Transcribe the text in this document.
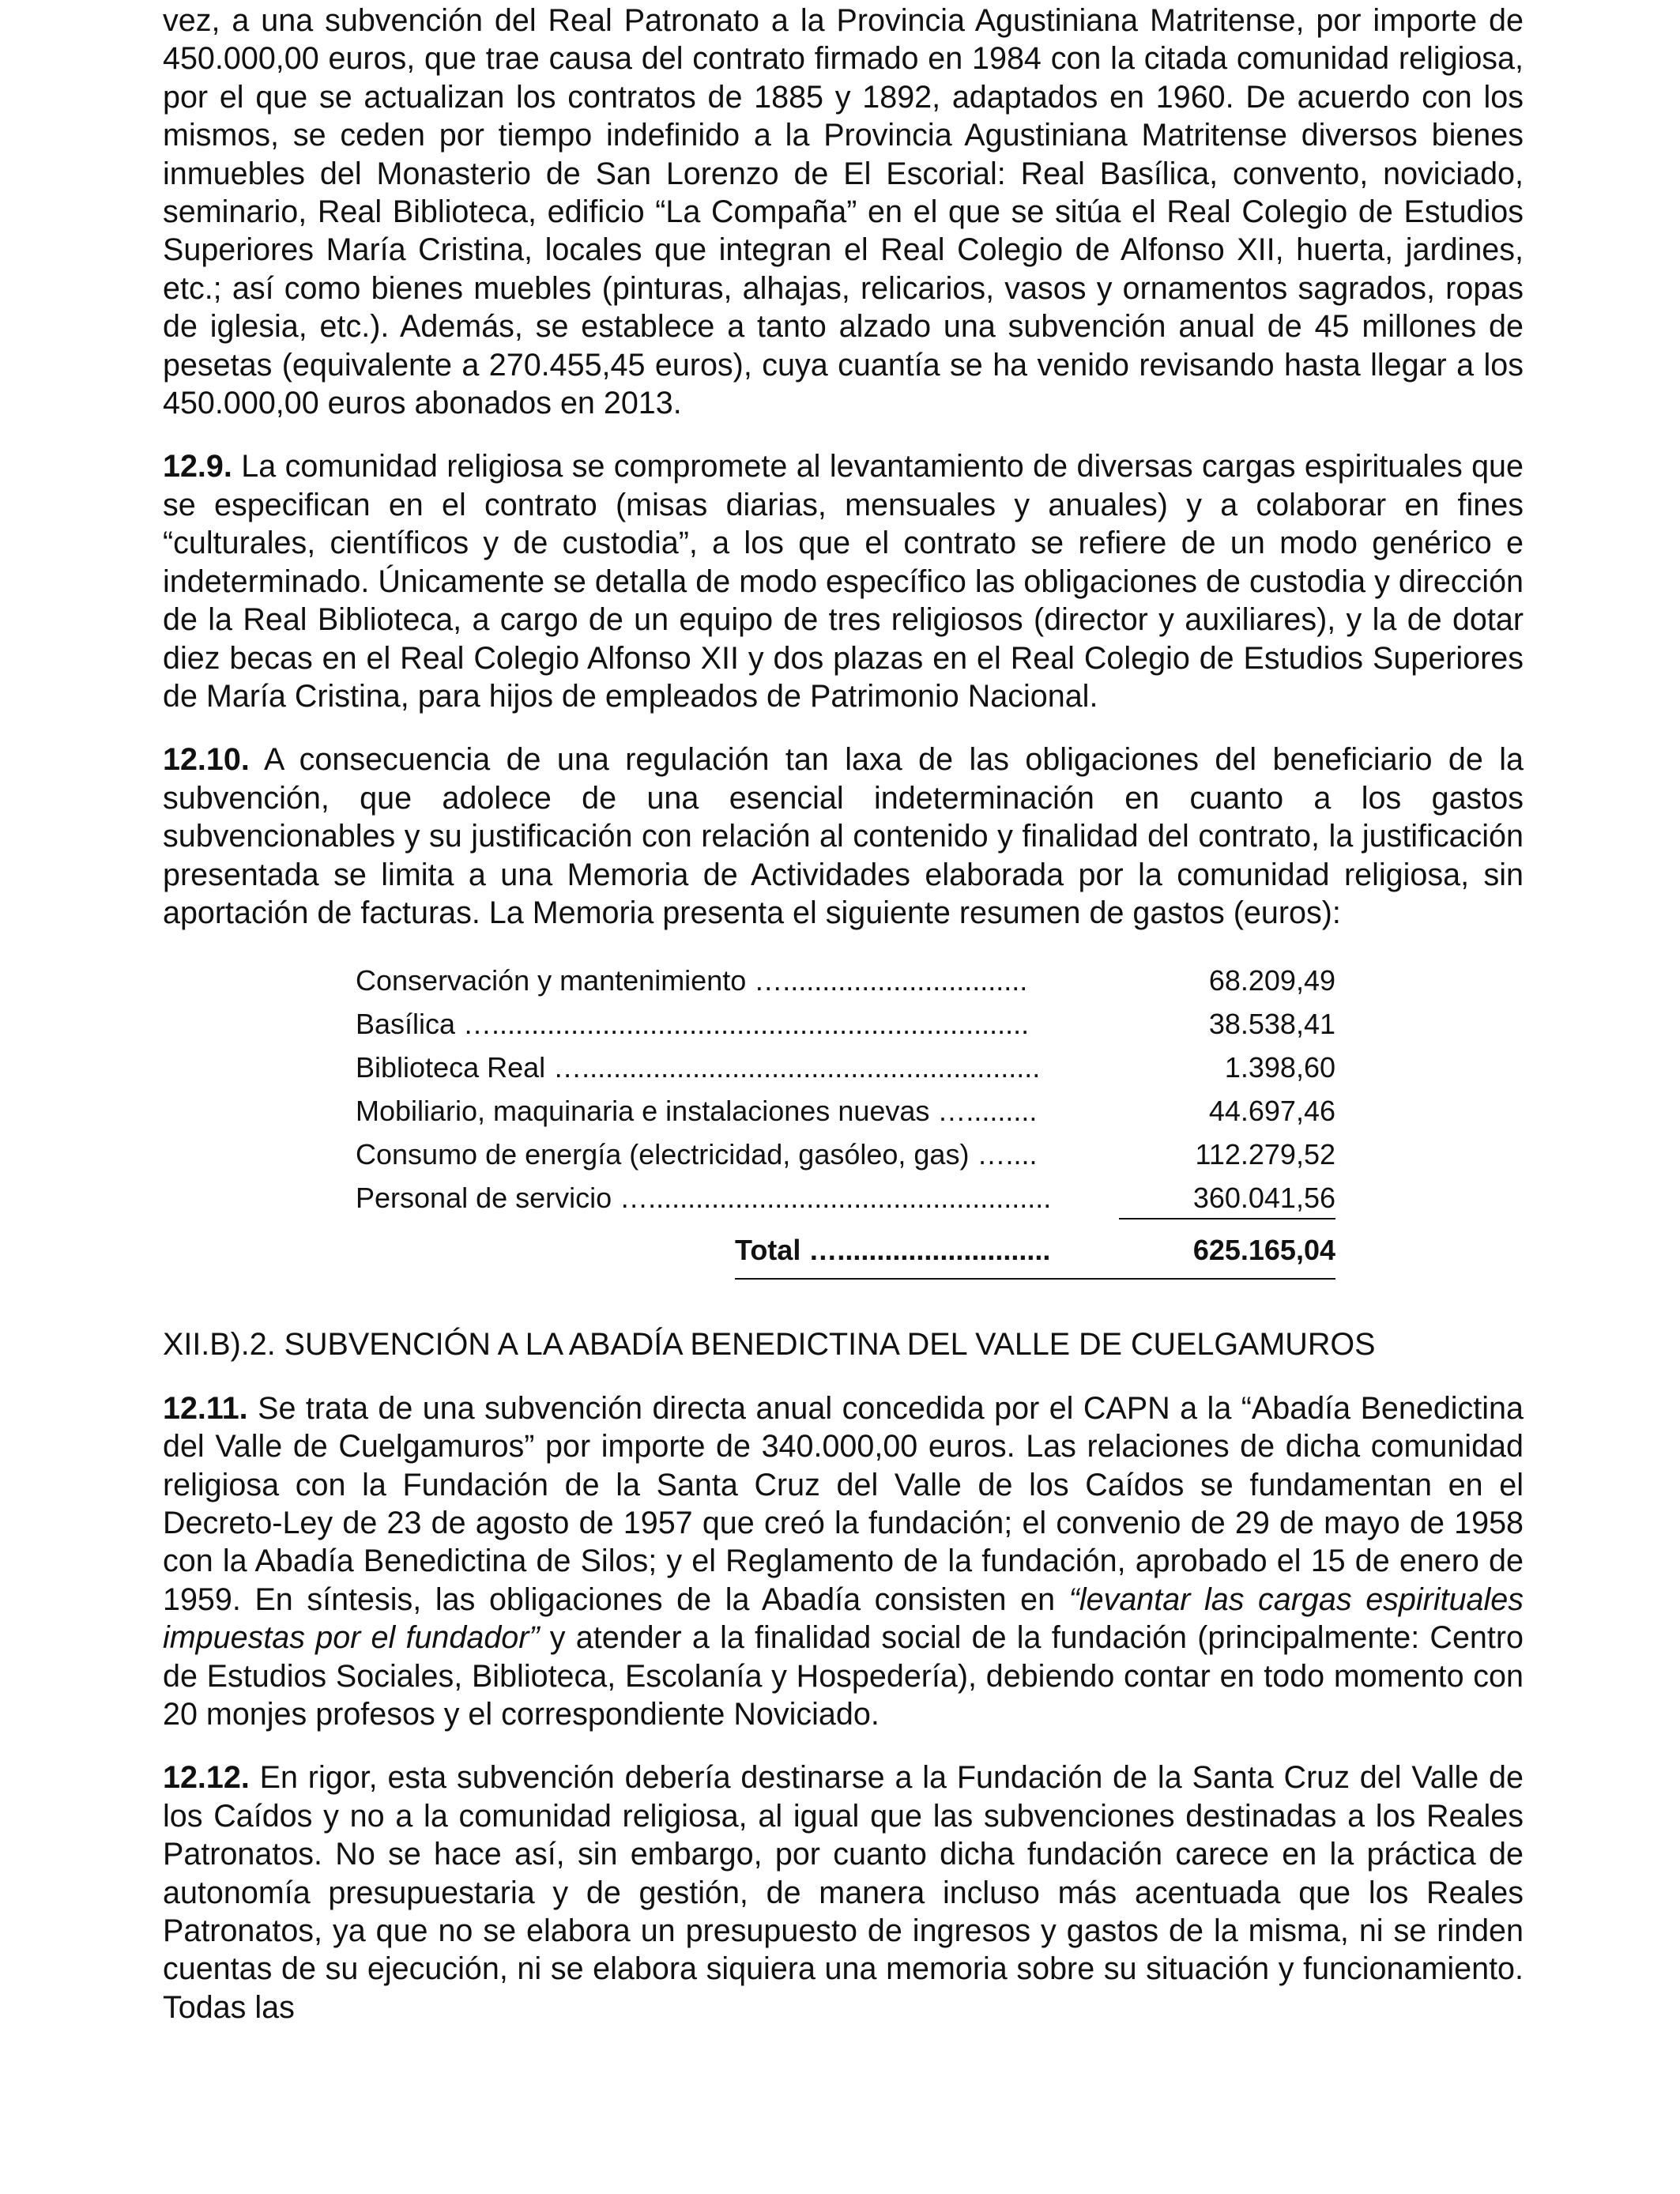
vez, a una subvención del Real Patronato a la Provincia Agustiniana Matritense, por importe de 450.000,00 euros, que trae causa del contrato firmado en 1984 con la citada comunidad religiosa, por el que se actualizan los contratos de 1885 y 1892, adaptados en 1960. De acuerdo con los mismos, se ceden por tiempo indefinido a la Provincia Agustiniana Matritense diversos bienes inmuebles del Monasterio de San Lorenzo de El Escorial: Real Basílica, convento, noviciado, seminario, Real Biblioteca, edificio “La Compaña” en el que se sitúa el Real Colegio de Estudios Superiores María Cristina, locales que integran el Real Colegio de Alfonso XII, huerta, jardines, etc.; así como bienes muebles (pinturas, alhajas, relicarios, vasos y ornamentos sagrados, ropas de iglesia, etc.). Además, se establece a tanto alzado una subvención anual de 45 millones de pesetas (equivalente a 270.455,45 euros), cuya cuantía se ha venido revisando hasta llegar a los 450.000,00 euros abonados en 2013.

12.9. La comunidad religiosa se compromete al levantamiento de diversas cargas espirituales que se especifican en el contrato (misas diarias, mensuales y anuales) y a colaborar en fines “culturales, científicos y de custodia”, a los que el contrato se refiere de un modo genérico e indeterminado. Únicamente se detalla de modo específico las obligaciones de custodia y dirección de la Real Biblioteca, a cargo de un equipo de tres religiosos (director y auxiliares), y la de dotar diez becas en el Real Colegio Alfonso XII y dos plazas en el Real Colegio de Estudios Superiores de María Cristina, para hijos de empleados de Patrimonio Nacional.

12.10. A consecuencia de una regulación tan laxa de las obligaciones del beneficiario de la subvención, que adolece de una esencial indeterminación en cuanto a los gastos subvencionables y su justificación con relación al contenido y finalidad del contrato, la justificación presentada se limita a una Memoria de Actividades elaborada por la comunidad religiosa, sin aportación de facturas. La Memoria presenta el siguiente resumen de gastos (euros):

Conservación y mantenimiento …...............................	68.209,49
Basílica …....................................................................	38.538,41
Biblioteca Real …..........................................................	1.398,60
Mobiliario, maquinaria e instalaciones nuevas ….........	44.697,46
Consumo de energía (electricidad, gasóleo, gas) …....	112.279,52
Personal de servicio …...................................................	360.041,56
Total …...........................	625.165,04

XII.B).2. SUBVENCIÓN A LA ABADÍA BENEDICTINA DEL VALLE DE CUELGAMUROS

12.11. Se trata de una subvención directa anual concedida por el CAPN a la “Abadía Benedictina del Valle de Cuelgamuros” por importe de 340.000,00 euros. Las relaciones de dicha comunidad religiosa con la Fundación de la Santa Cruz del Valle de los Caídos se fundamentan en el Decreto-Ley de 23 de agosto de 1957 que creó la fundación; el convenio de 29 de mayo de 1958 con la Abadía Benedictina de Silos; y el Reglamento de la fundación, aprobado el 15 de enero de 1959. En síntesis, las obligaciones de la Abadía consisten en “levantar las cargas espirituales impuestas por el fundador” y atender a la finalidad social de la fundación (principalmente: Centro de Estudios Sociales, Biblioteca, Escolanía y Hospedería), debiendo contar en todo momento con 20 monjes profesos y el correspondiente Noviciado.

12.12. En rigor, esta subvención debería destinarse a la Fundación de la Santa Cruz del Valle de los Caídos y no a la comunidad religiosa, al igual que las subvenciones destinadas a los Reales Patronatos. No se hace así, sin embargo, por cuanto dicha fundación carece en la práctica de autonomía presupuestaria y de gestión, de manera incluso más acentuada que los Reales Patronatos, ya que no se elabora un presupuesto de ingresos y gastos de la misma, ni se rinden cuentas de su ejecución, ni se elabora siquiera una memoria sobre su situación y funcionamiento. Todas las
